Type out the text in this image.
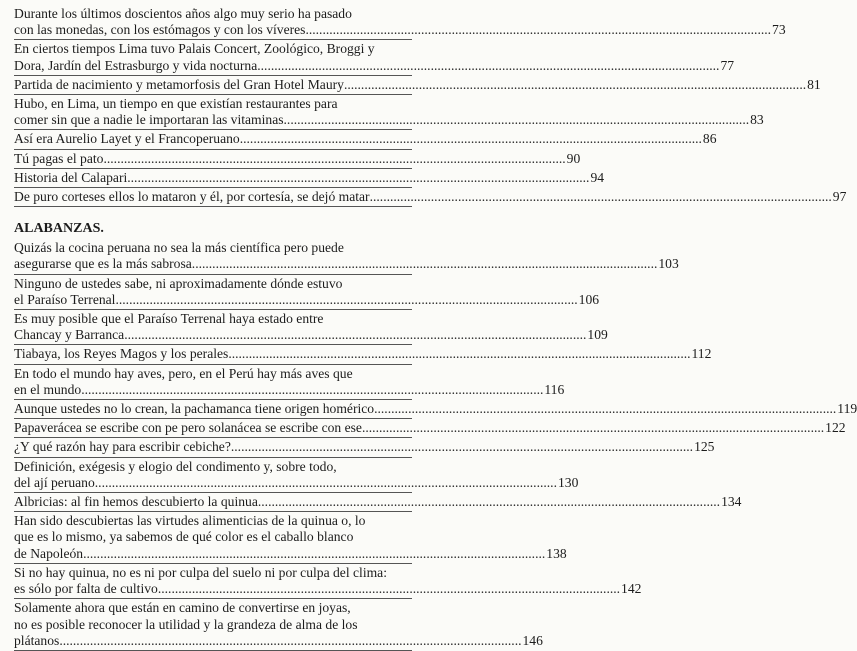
Durante los últimos doscientos años algo muy serio ha pasado
con las monedas, con los estómagos y con los víveres. .....	73
En ciertos tiempos Lima tuvo Palais Concert, Zoológico, Broggi y
Dora, Jardín del Estrasburgo y vida nocturna .....	77
Partida de nacimiento y metamorfosis del Gran Hotel Maury .....	81
Hubo, en Lima, un tiempo en que existían restaurantes para
comer sin que a nadie le importaran las vitaminas. .....	83
Así era Aurelio Layet y el Francoperuano .....	86
Tú pagas el pato .....	90
Historia del Calapari .....	94
De puro corteses ellos lo mataron y él, por cortesía, se dejó matar .....	97
ALABANZAS.
Quizás la cocina peruana no sea la más científica pero puede
asegurarse que es la más sabrosa. .....	103
Ninguno de ustedes sabe, ni aproximadamente dónde estuvo
el Paraíso Terrenal .....	106
Es muy posible que el Paraíso Terrenal haya estado entre
Chancay y Barranca .....	109
Tiabaya, los Reyes Magos y los perales .....	112
En todo el mundo hay aves, pero, en el Perú hay más aves que
en el mundo .....	116
Aunque ustedes no lo crean, la pachamanca tiene origen homérico .....	119
Papaverácea se escribe con pe pero solanácea se escribe con ese .....	122
¿Y qué razón hay para escribir cebiche? .....	125
Definición, exégesis y elogio del condimento y, sobre todo,
del ají peruano .....	130
Albricias: al fin hemos descubierto la quinua .....	134
Han sido descubiertas las virtudes alimenticias de la quinua o, lo
que es lo mismo, ya sabemos de qué color es el caballo blanco
de Napoleón .....	138
Si no hay quinua, no es ni por culpa del suelo ni por culpa del clima:
es sólo por falta de cultivo .....	142
Solamente ahora que están en camino de convertirse en joyas,
no es posible reconocer la utilidad y la grandeza de alma de los
plátanos .....	146
